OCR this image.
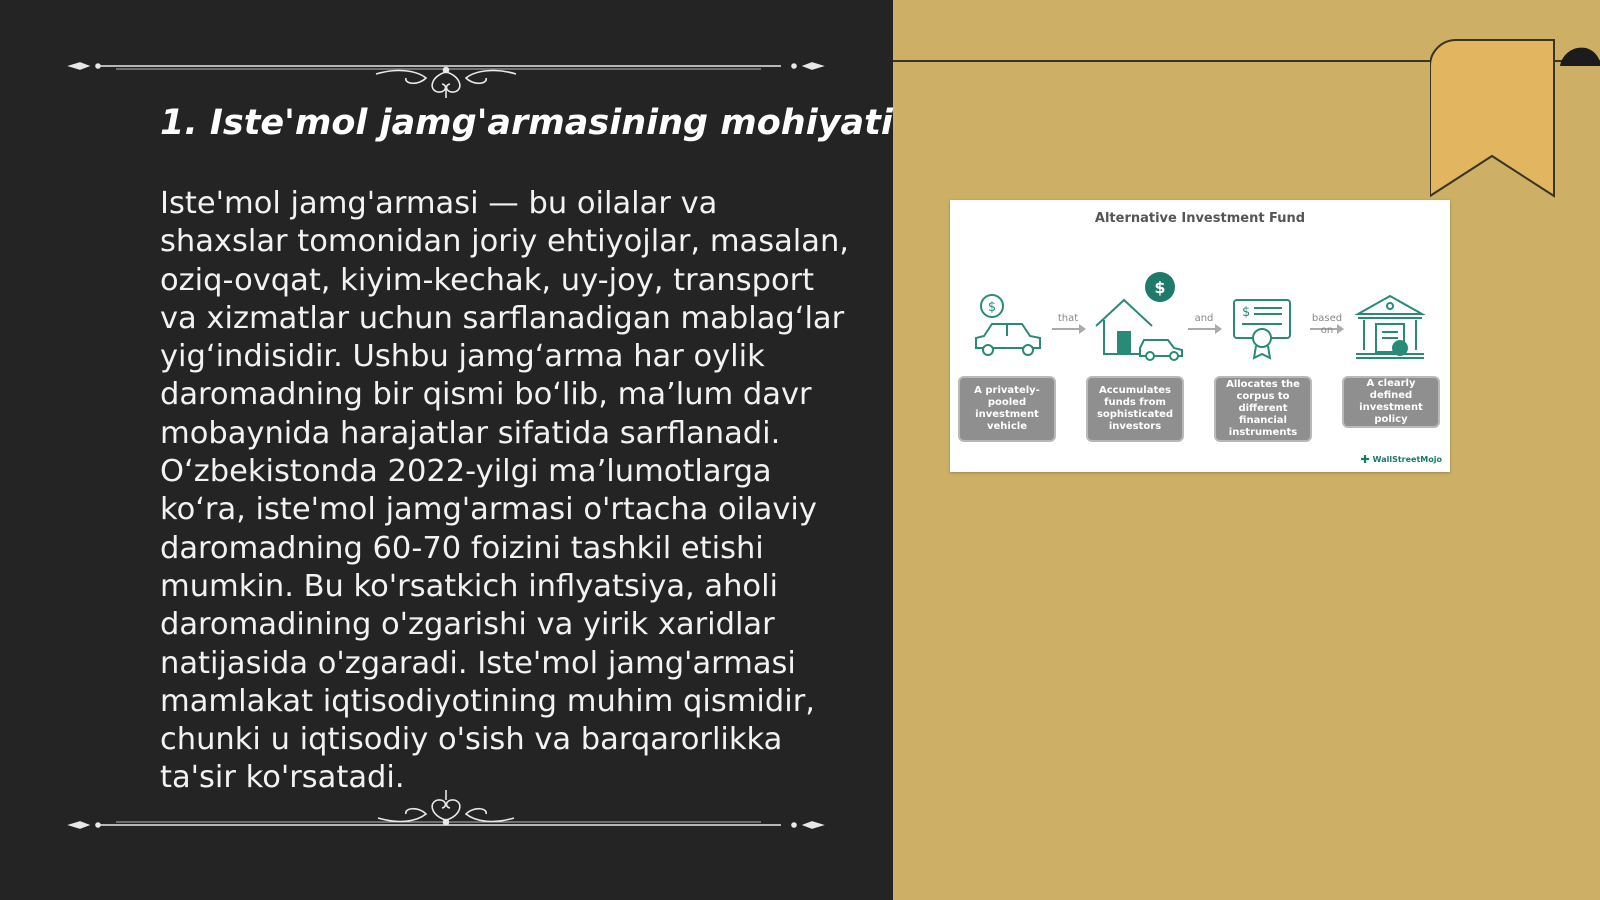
1. Iste'mol jamg'armasining mohiyati

Iste'mol jamg'armasi — bu oilalar va shaxslar tomonidan joriy ehtiyojlar, masalan, oziq-ovqat, kiyim-kechak, uy-joy, transport va xizmatlar uchun sarflanadigan mablag‘lar yig‘indisidir. Ushbu jamg‘arma har oylik daromadning bir qismi bo‘lib, ma’lum davr mobaynida harajatlar sifatida sarflanadi. O‘zbekistonda 2022-yilgi ma’lumotlarga ko‘ra, iste'mol jamg'armasi o'rtacha oilaviy daromadning 60-70 foizini tashkil etishi mumkin. Bu ko'rsatkich inflyatsiya, aholi daromadining o'zgarishi va yirik xaridlar natijasida o'zgaradi. Iste'mol jamg'armasi mamlakat iqtisodiyotining muhim qismidir, chunki u iqtisodiy o'sish va barqarorlikka ta'sir ko'rsatadi.

Alternative Investment Fund
$
$
$
that	and	based on
A privately-pooled investment vehicle
Accumulates funds from sophisticated investors
Allocates the corpus to different financial instruments
A clearly defined investment policy
✚ WallStreetMojo
